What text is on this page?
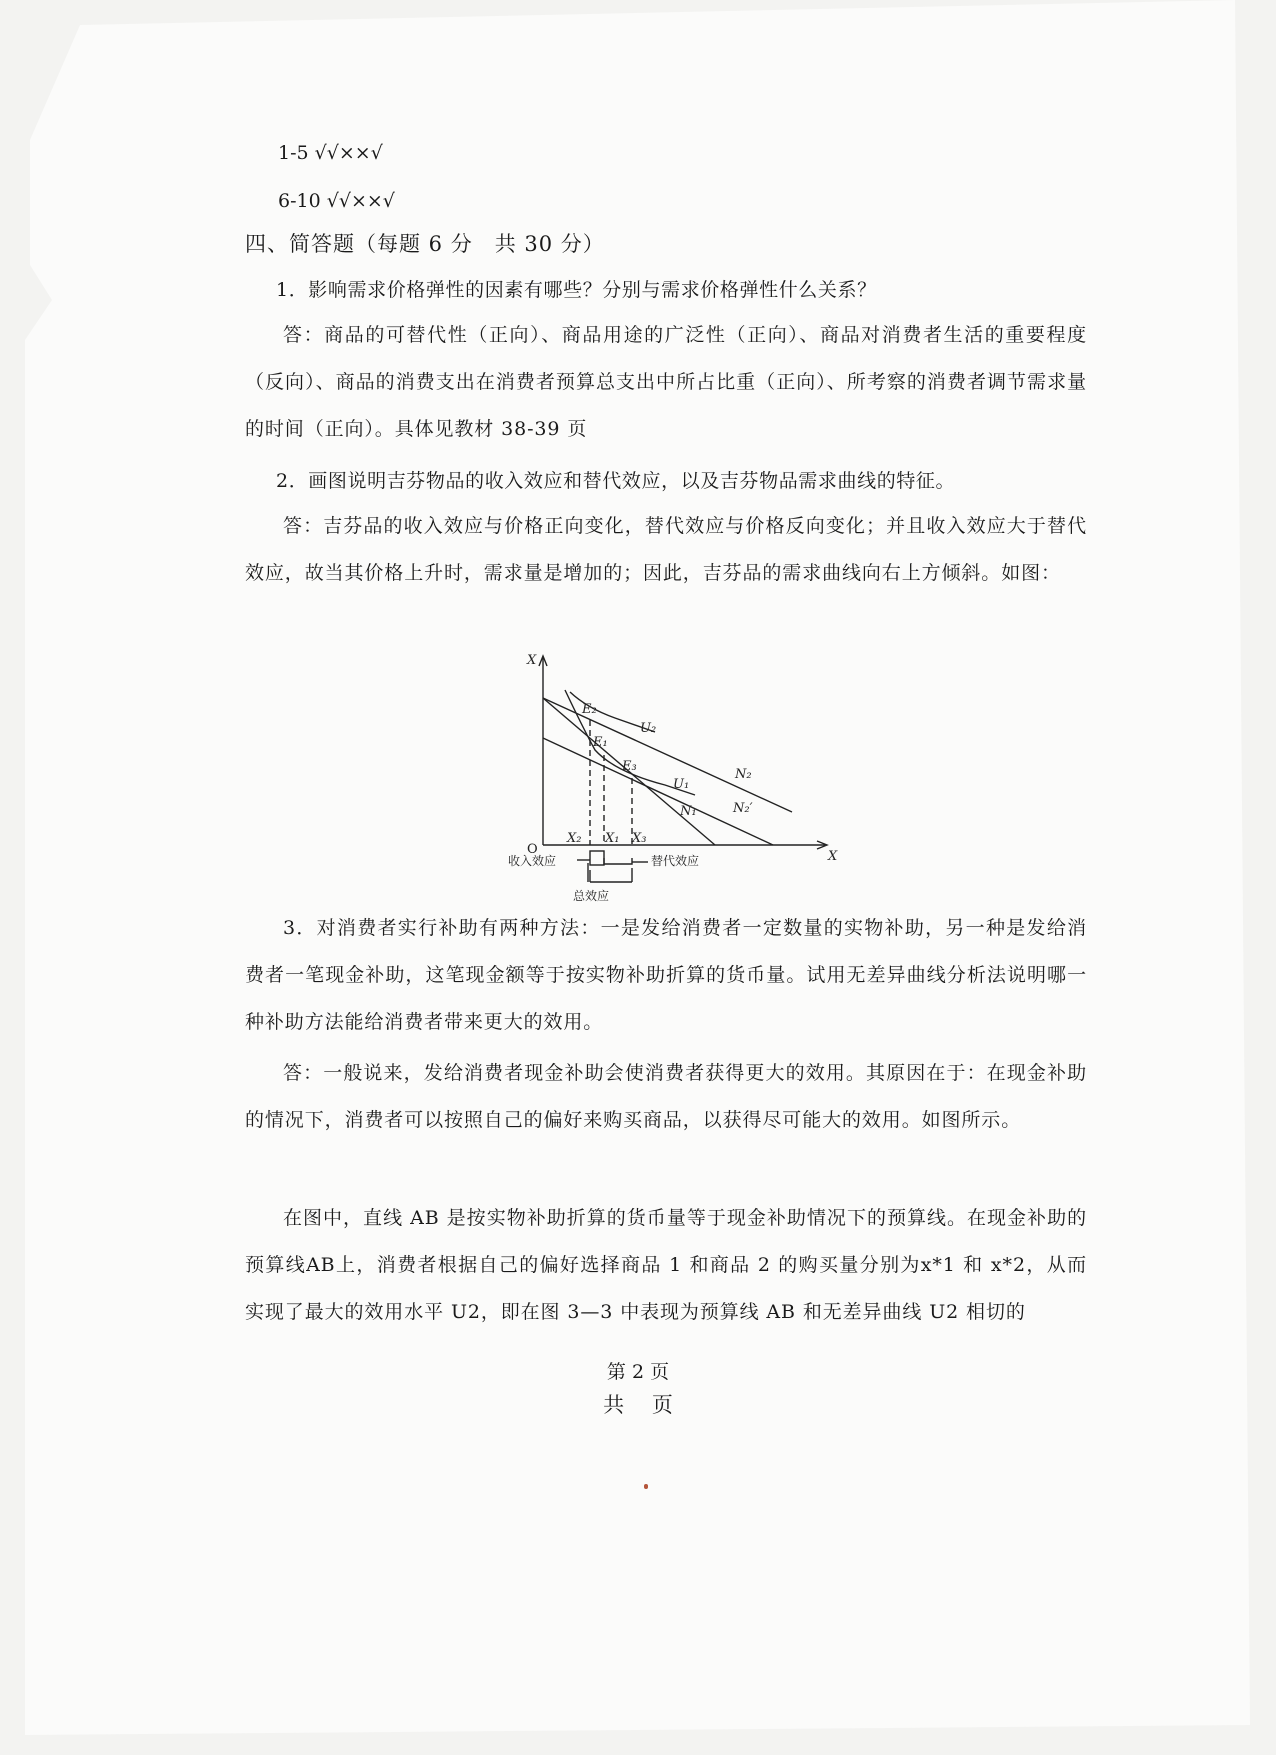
1-5 √√××√
6-10 √√××√
四、简答题（每题 6 分　共 30 分）
1．影响需求价格弹性的因素有哪些？分别与需求价格弹性什么关系？
答：商品的可替代性（正向）、商品用途的广泛性（正向）、商品对消费者生活的重要程度（反向）、商品的消费支出在消费者预算总支出中所占比重（正向）、所考察的消费者调节需求量的时间（正向）。具体见教材 38-39 页
2．画图说明吉芬物品的收入效应和替代效应，以及吉芬物品需求曲线的特征。
答：吉芬品的收入效应与价格正向变化，替代效应与价格反向变化；并且收入效应大于替代效应，故当其价格上升时，需求量是增加的；因此，吉芬品的需求曲线向右上方倾斜。如图：
X
X
O
E₂
E₁
E₃
U₂
U₁
N₂
N₁	N₂′
X₂ X₁ X₃
收入效应	替代效应
总效应
3．对消费者实行补助有两种方法：一是发给消费者一定数量的实物补助，另一种是发给消费者一笔现金补助，这笔现金额等于按实物补助折算的货币量。试用无差异曲线分析法说明哪一种补助方法能给消费者带来更大的效用。
答：一般说来，发给消费者现金补助会使消费者获得更大的效用。其原因在于：在现金补助的情况下，消费者可以按照自己的偏好来购买商品，以获得尽可能大的效用。如图所示。
在图中，直线 AB 是按实物补助折算的货币量等于现金补助情况下的预算线。在现金补助的预算线AB上，消费者根据自己的偏好选择商品 1 和商品 2 的购买量分别为x*1 和 x*2，从而实现了最大的效用水平 U2，即在图 3—3 中表现为预算线 AB 和无差异曲线 U2 相切的
第 2 页
共　 页
